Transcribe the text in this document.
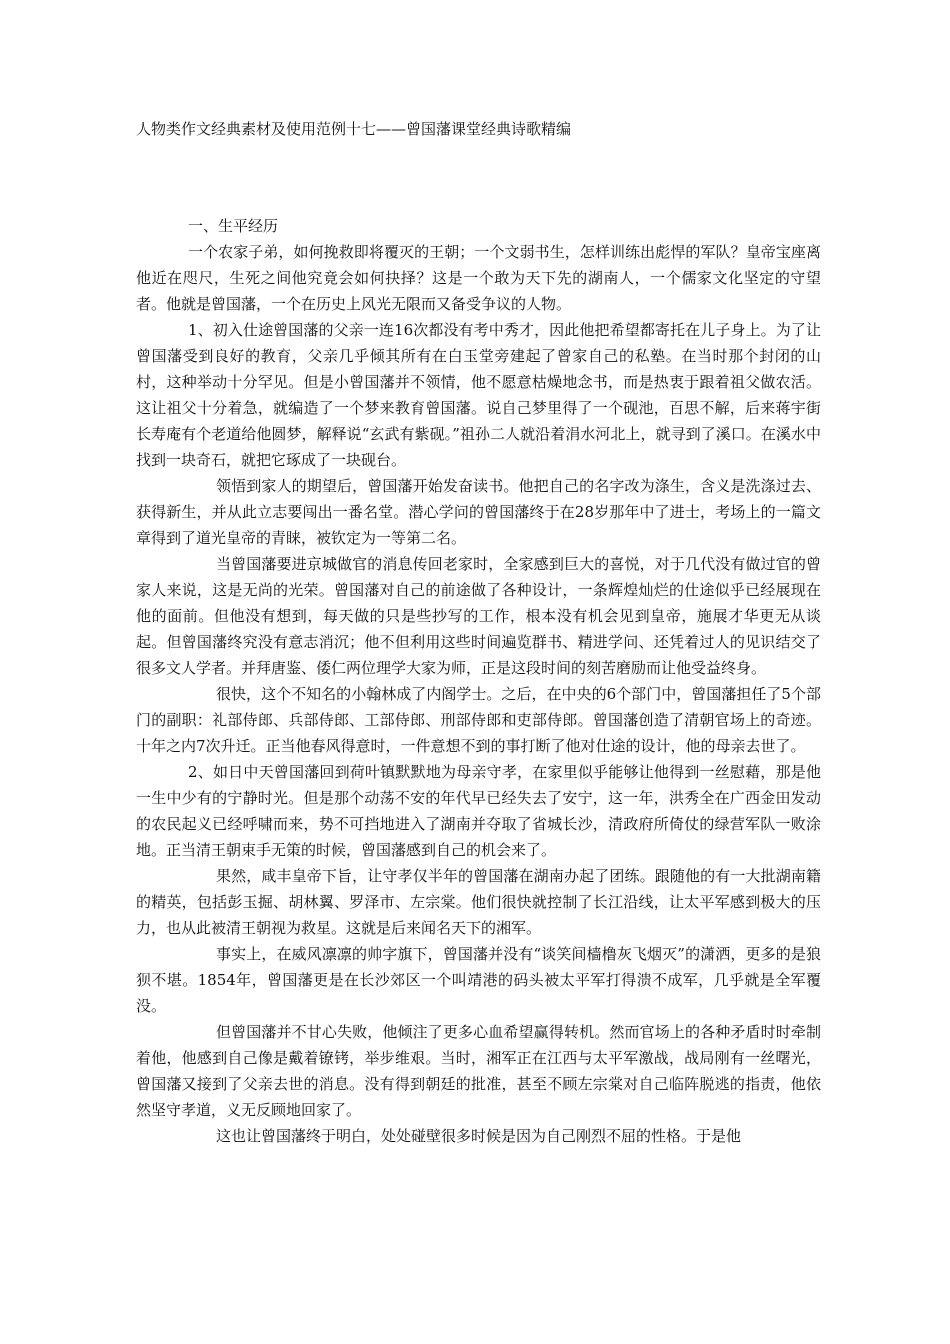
人物类作文经典素材及使用范例十七——曾国藩课堂经典诗歌精编
一、生平经历

一个农家子弟，如何挽救即将覆灭的王朝；一个文弱书生，怎样训练出彪悍的军队？皇帝宝座离他近在咫尺，生死之间他究竟会如何抉择？这是一个敢为天下先的湖南人，一个儒家文化坚定的守望者。他就是曾国藩，一个在历史上风光无限而又备受争议的人物。

1、初入仕途曾国藩的父亲一连16次都没有考中秀才，因此他把希望都寄托在儿子身上。为了让曾国藩受到良好的教育，父亲几乎倾其所有在白玉堂旁建起了曾家自己的私塾。在当时那个封闭的山村，这种举动十分罕见。但是小曾国藩并不领情，他不愿意枯燥地念书，而是热衷于跟着祖父做农活。这让祖父十分着急，就编造了一个梦来教育曾国藩。说自己梦里得了一个砚池，百思不解，后来蒋宇街长寿庵有个老道给他圆梦，解释说“玄武有紫砚。”祖孙二人就沿着涓水河北上，就寻到了溪口。在溪水中找到一块奇石，就把它琢成了一块砚台。

领悟到家人的期望后，曾国藩开始发奋读书。他把自己的名字改为涤生，含义是洗涤过去、获得新生，并从此立志要闯出一番名堂。潜心学问的曾国藩终于在28岁那年中了进士，考场上的一篇文章得到了道光皇帝的青睐，被钦定为一等第二名。

当曾国藩要进京城做官的消息传回老家时，全家感到巨大的喜悦，对于几代没有做过官的曾家人来说，这是无尚的光荣。曾国藩对自己的前途做了各种设计，一条辉煌灿烂的仕途似乎已经展现在他的面前。但他没有想到，每天做的只是些抄写的工作，根本没有机会见到皇帝，施展才华更无从谈起。但曾国藩终究没有意志消沉；他不但利用这些时间遍览群书、精进学问、还凭着过人的见识结交了很多文人学者。并拜唐鉴、倭仁两位理学大家为师，正是这段时间的刻苦磨励而让他受益终身。

很快，这个不知名的小翰林成了内阁学士。之后，在中央的6个部门中，曾国藩担任了5个部门的副职：礼部侍郎、兵部侍郎、工部侍郎、刑部侍郎和吏部侍郎。曾国藩创造了清朝官场上的奇迹。十年之内7次升迁。正当他春风得意时，一件意想不到的事打断了他对仕途的设计，他的母亲去世了。

2、如日中天曾国藩回到荷叶镇默默地为母亲守孝，在家里似乎能够让他得到一丝慰藉，那是他一生中少有的宁静时光。但是那个动荡不安的年代早已经失去了安宁，这一年，洪秀全在广西金田发动的农民起义已经呼啸而来，势不可挡地进入了湖南并夺取了省城长沙，清政府所倚仗的绿营军队一败涂地。正当清王朝束手无策的时候，曾国藩感到自己的机会来了。

果然，咸丰皇帝下旨，让守孝仅半年的曾国藩在湖南办起了团练。跟随他的有一大批湖南籍的精英，包括彭玉掘、胡林翼、罗泽市、左宗棠。他们很快就控制了长江沿线，让太平军感到极大的压力，也从此被清王朝视为救星。这就是后来闻名天下的湘军。

事实上，在威风凛凛的帅字旗下，曾国藩并没有“谈笑间樯橹灰飞烟灭”的潇洒，更多的是狼狈不堪。1854年，曾国藩更是在长沙郊区一个叫靖港的码头被太平军打得溃不成军，几乎就是全军覆没。

但曾国藩并不甘心失败，他倾注了更多心血希望赢得转机。然而官场上的各种矛盾时时牵制着他，他感到自己像是戴着镣铐，举步维艰。当时，湘军正在江西与太平军激战，战局刚有一丝曙光，曾国藩又接到了父亲去世的消息。没有得到朝廷的批准，甚至不顾左宗棠对自己临阵脱逃的指责，他依然坚守孝道，义无反顾地回家了。

这也让曾国藩终于明白，处处碰壁很多时候是因为自己刚烈不屈的性格。于是他
